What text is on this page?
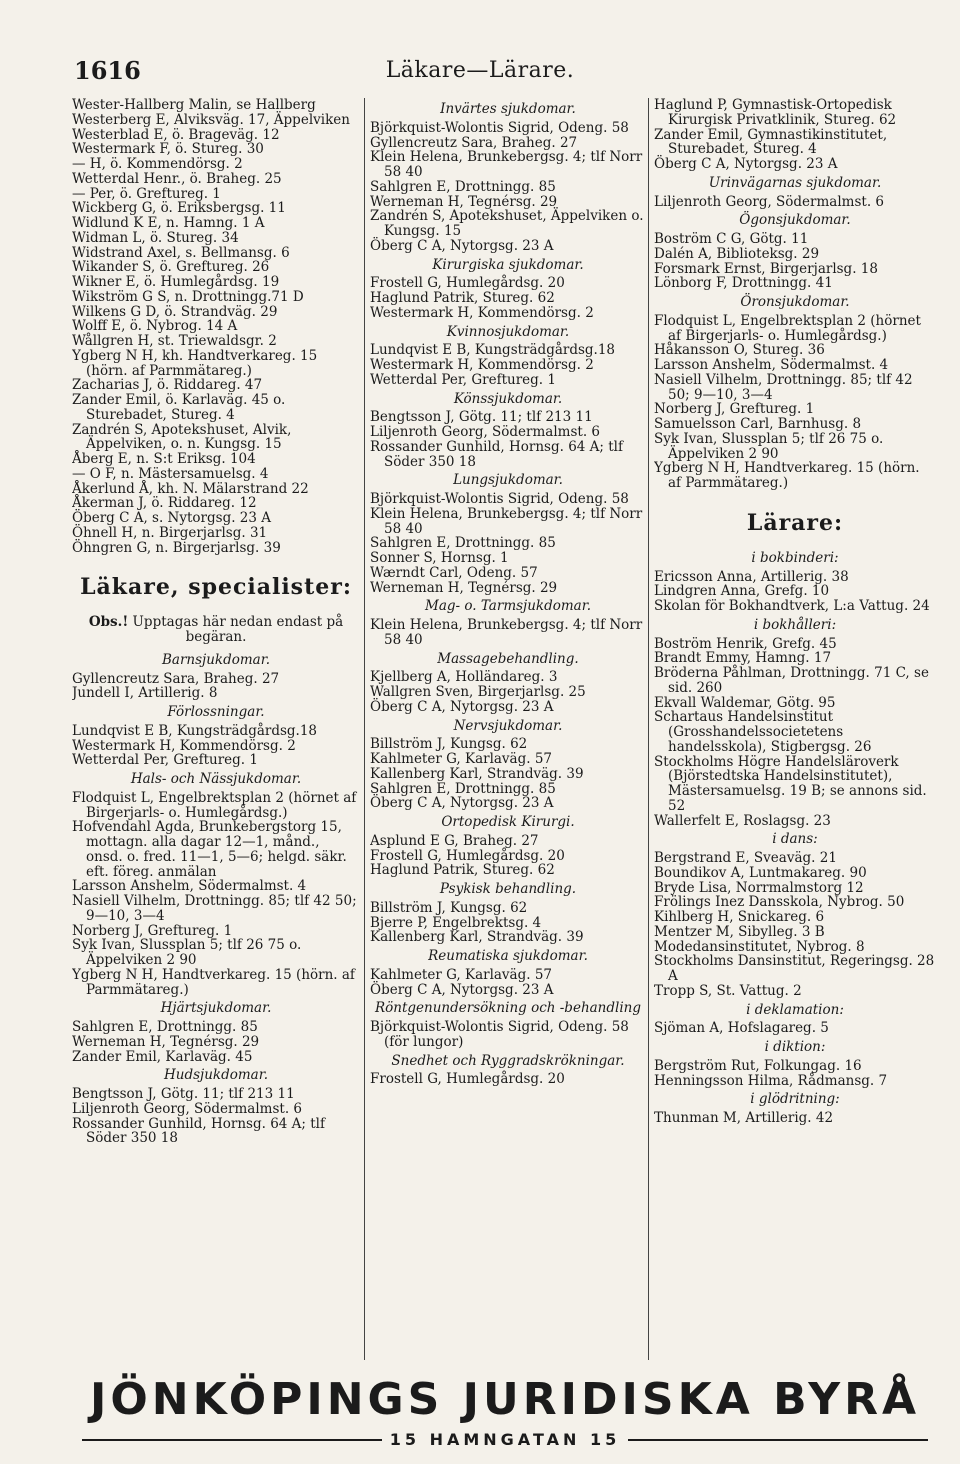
1616	Läkare—Lärare.
Wester-Hallberg Malin, se Hallberg
Westerberg E, Alviksväg. 17, Äppelviken
Westerblad E, ö. Brageväg. 12
Westermark F, ö. Stureg. 30
— H, ö. Kommendörsg. 2
Wetterdal Henr., ö. Braheg. 25
— Per, ö. Greftureg. 1
Wickberg G, ö. Eriksbergsg. 11
Widlund K E, n. Hamng. 1 A
Widman L, ö. Stureg. 34
Widstrand Axel, s. Bellmansg. 6
Wikander S, ö. Greftureg. 26
Wikner E, ö. Humlegårdsg. 19
Wikström G S, n. Drottningg.71 D
Wilkens G D, ö. Strandväg. 29
Wolff E, ö. Nybrog. 14 A
Wållgren H, st. Triewaldsgr. 2
Ygberg N H, kh. Handtverkareg. 15 (hörn. af Parmmätareg.)
Zacharias J, ö. Riddareg. 47
Zander Emil, ö. Karlaväg. 45 o. Sturebadet, Stureg. 4
Zandrén S, Apotekshuset, Alvik, Äppelviken, o. n. Kungsg. 15
Åberg E, n. S:t Eriksg. 104
— O F, n. Mästersamuelsg. 4
Åkerlund Å, kh. N. Mälarstrand 22
Åkerman J, ö. Riddareg. 12
Öberg C A, s. Nytorgsg. 23 A
Öhnell H, n. Birgerjarlsg. 31
Öhngren G, n. Birgerjarlsg. 39
Läkare, specialister:
Obs.! Upptagas här nedan endast på begäran.
Barnsjukdomar.
Gyllencreutz Sara, Braheg. 27
Jundell I, Artillerig. 8
Förlossningar.
Lundqvist E B, Kungsträdgårdsg.18
Westermark H, Kommendörsg. 2
Wetterdal Per, Greftureg. 1
Hals- och Nässjukdomar.
Flodquist L, Engelbrektsplan 2 (hörnet af Birgerjarls- o. Humlegårdsg.)
Hofvendahl Agda, Brunkebergstorg 15, mottagn. alla dagar 12—1, månd., onsd. o. fred. 11—1, 5—6; helgd. säkr. eft. föreg. anmälan
Larsson Anshelm, Södermalmst. 4
Nasiell Vilhelm, Drottningg. 85; tlf 42 50; 9—10, 3—4
Norberg J, Greftureg. 1
Syk Ivan, Slussplan 5; tlf 26 75 o. Äppelviken 2 90
Ygberg N H, Handtverkareg. 15 (hörn. af Parmmätareg.)
Hjärtsjukdomar.
Sahlgren E, Drottningg. 85
Werneman H, Tegnérsg. 29
Zander Emil, Karlaväg. 45
Hudsjukdomar.
Bengtsson J, Götg. 11; tlf 213 11
Liljenroth Georg, Södermalmst. 6
Rossander Gunhild, Hornsg. 64 A; tlf Söder 350 18
Invärtes sjukdomar.
Björkquist-Wolontis Sigrid, Odeng. 58
Gyllencreutz Sara, Braheg. 27
Klein Helena, Brunkebergsg. 4; tlf Norr 58 40
Sahlgren E, Drottningg. 85
Werneman H, Tegnérsg. 29
Zandrén S, Apotekshuset, Äppelviken o. Kungsg. 15
Öberg C A, Nytorgsg. 23 A
Kirurgiska sjukdomar.
Frostell G, Humlegårdsg. 20
Haglund Patrik, Stureg. 62
Westermark H, Kommendörsg. 2
Kvinnosjukdomar.
Lundqvist E B, Kungsträdgårdsg.18
Westermark H, Kommendörsg. 2
Wetterdal Per, Greftureg. 1
Könssjukdomar.
Bengtsson J, Götg. 11; tlf 213 11
Liljenroth Georg, Södermalmst. 6
Rossander Gunhild, Hornsg. 64 A; tlf Söder 350 18
Lungsjukdomar.
Björkquist-Wolontis Sigrid, Odeng. 58
Klein Helena, Brunkebergsg. 4; tlf Norr 58 40
Sahlgren E, Drottningg. 85
Sonner S, Hornsg. 1
Wærndt Carl, Odeng. 57
Werneman H, Tegnérsg. 29
Mag- o. Tarmsjukdomar.
Klein Helena, Brunkebergsg. 4; tlf Norr 58 40
Massagebehandling.
Kjellberg A, Holländareg. 3
Wallgren Sven, Birgerjarlsg. 25
Öberg C A, Nytorgsg. 23 A
Nervsjukdomar.
Billström J, Kungsg. 62
Kahlmeter G, Karlaväg. 57
Kallenberg Karl, Strandväg. 39
Sahlgren E, Drottningg. 85
Öberg C A, Nytorgsg. 23 A
Ortopedisk Kirurgi.
Asplund E G, Braheg. 27
Frostell G, Humlegårdsg. 20
Haglund Patrik, Stureg. 62
Psykisk behandling.
Billström J, Kungsg. 62
Bjerre P, Engelbrektsg. 4
Kallenberg Karl, Strandväg. 39
Reumatiska sjukdomar.
Kahlmeter G, Karlaväg. 57
Öberg C A, Nytorgsg. 23 A
Röntgenundersökning och -behandling
Björkquist-Wolontis Sigrid, Odeng. 58 (för lungor)
Snedhet och Ryggradskrökningar.
Frostell G, Humlegårdsg. 20
Haglund P, Gymnastisk-Ortopedisk Kirurgisk Privatklinik, Stureg. 62
Zander Emil, Gymnastikinstitutet, Sturebadet, Stureg. 4
Öberg C A, Nytorgsg. 23 A
Urinvägarnas sjukdomar.
Liljenroth Georg, Södermalmst. 6
Ögonsjukdomar.
Boström C G, Götg. 11
Dalén A, Biblioteksg. 29
Forsmark Ernst, Birgerjarlsg. 18
Lönborg F, Drottningg. 41
Öronsjukdomar.
Flodquist L, Engelbrektsplan 2 (hörnet af Birgerjarls- o. Humlegårdsg.)
Håkansson O, Stureg. 36
Larsson Anshelm, Södermalmst. 4
Nasiell Vilhelm, Drottningg. 85; tlf 42 50; 9—10, 3—4
Norberg J, Greftureg. 1
Samuelsson Carl, Barnhusg. 8
Syk Ivan, Slussplan 5; tlf 26 75 o. Äppelviken 2 90
Ygberg N H, Handtverkareg. 15 (hörn. af Parmmätareg.)
Lärare:
i bokbinderi:
Ericsson Anna, Artillerig. 38
Lindgren Anna, Grefg. 10
Skolan för Bokhandtverk, L:a Vattug. 24
i bokhålleri:
Boström Henrik, Grefg. 45
Brandt Emmy, Hamng. 17
Bröderna Påhlman, Drottningg. 71 C, se sid. 260
Ekvall Waldemar, Götg. 95
Schartaus Handelsinstitut (Grosshandelssocietetens handelsskola), Stigbergsg. 26
Stockholms Högre Handelsläroverk (Björstedtska Handelsinstitutet), Mästersamuelsg. 19 B; se annons sid. 52
Wallerfelt E, Roslagsg. 23
i dans:
Bergstrand E, Sveaväg. 21
Boundikov A, Luntmakareg. 90
Bryde Lisa, Norrmalmstorg 12
Frölings Inez Dansskola, Nybrog. 50
Kihlberg H, Snickareg. 6
Mentzer M, Sibylleg. 3 B
Modedansinstitutet, Nybrog. 8
Stockholms Dansinstitut, Regeringsg. 28 A
Tropp S, St. Vattug. 2
i deklamation:
Sjöman A, Hofslagareg. 5
i diktion:
Bergström Rut, Folkungag. 16
Henningsson Hilma, Rådmansg. 7
i glödritning:
Thunman M, Artillerig. 42
JÖNKÖPINGS JURIDISKA BYRÅ
15 HAMNGATAN 15
